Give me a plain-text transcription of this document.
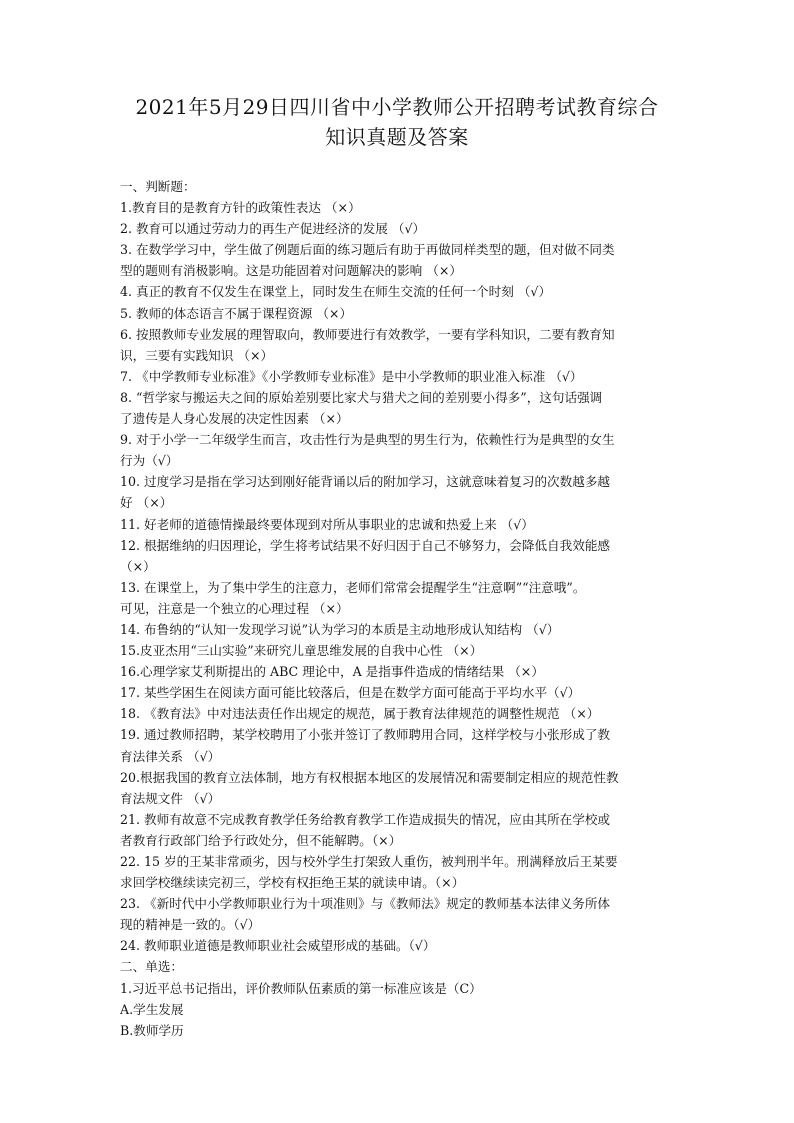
2021年5月29日四川省中小学教师公开招聘考试教育综合
知识真题及答案

一、判断题：

1.教育目的是教育方针的政策性表达 （×）

2. 教育可以通过劳动力的再生产促进经济的发展 （√）

3. 在数学学习中，学生做了例题后面的练习题后有助于再做同样类型的题，但对做不同类

型的题则有消极影响。这是功能固着对问题解决的影响 （×）

4. 真正的教育不仅发生在课堂上，同时发生在师生交流的任何一个时刻 （√）

5. 教师的体态语言不属于课程资源 （×）

6. 按照教师专业发展的理智取向，教师要进行有效教学，一要有学科知识，二要有教育知

识，三要有实践知识 （×）

7. 《中学教师专业标准》《小学教师专业标准》是中小学教师的职业准入标准 （√）

8. “哲学家与搬运夫之间的原始差别要比家犬与猎犬之间的差别要小得多”，这句话强调

了遗传是人身心发展的决定性因素 （×）

9. 对于小学一二年级学生而言，攻击性行为是典型的男生行为，依赖性行为是典型的女生

行为（√）

10. 过度学习是指在学习达到刚好能背诵以后的附加学习，这就意味着复习的次数越多越

好 （×）

11. 好老师的道德情操最终要体现到对所从事职业的忠诚和热爱上来 （√）

12. 根据维纳的归因理论，学生将考试结果不好归因于自己不够努力，会降低自我效能感

（×）

13. 在课堂上，为了集中学生的注意力，老师们常常会提醒学生“注意啊”“注意哦”。

可见，注意是一个独立的心理过程 （×）

14. 布鲁纳的“认知一发现学习说”认为学习的本质是主动地形成认知结构 （√）

15.皮亚杰用“三山实验”来研究儿童思维发展的自我中心性 （×）

16.心理学家艾利斯提出的 ABC 理论中，A 是指事件造成的情绪结果 （×）

17. 某些学困生在阅读方面可能比较落后，但是在数学方面可能高于平均水平（√）

18. 《教育法》中对违法责任作出规定的规范，属于教育法律规范的调整性规范 （×）

19. 通过教师招聘，某学校聘用了小张并签订了教师聘用合同，这样学校与小张形成了教

育法律关系 （√）

20.根据我国的教育立法体制，地方有权根据本地区的发展情况和需要制定相应的规范性教

育法规文件 （√）

21. 教师有故意不完成教育教学任务给教育教学工作造成损失的情况，应由其所在学校或

者教育行政部门给予行政处分，但不能解聘。（×）

22. 15 岁的王某非常顽劣，因与校外学生打架致人重伤，被判刑半年。刑满释放后王某要

求回学校继续读完初三，学校有权拒绝王某的就读申请。（×）

23. 《新时代中小学教师职业行为十项准则》与《教师法》规定的教师基本法律义务所体

现的精神是一致的。（√）

24. 教师职业道德是教师职业社会威望形成的基础。（√）

二、单选：

1.习近平总书记指出，评价教师队伍素质的第一标准应该是（C）

A.学生发展

B.教师学历
